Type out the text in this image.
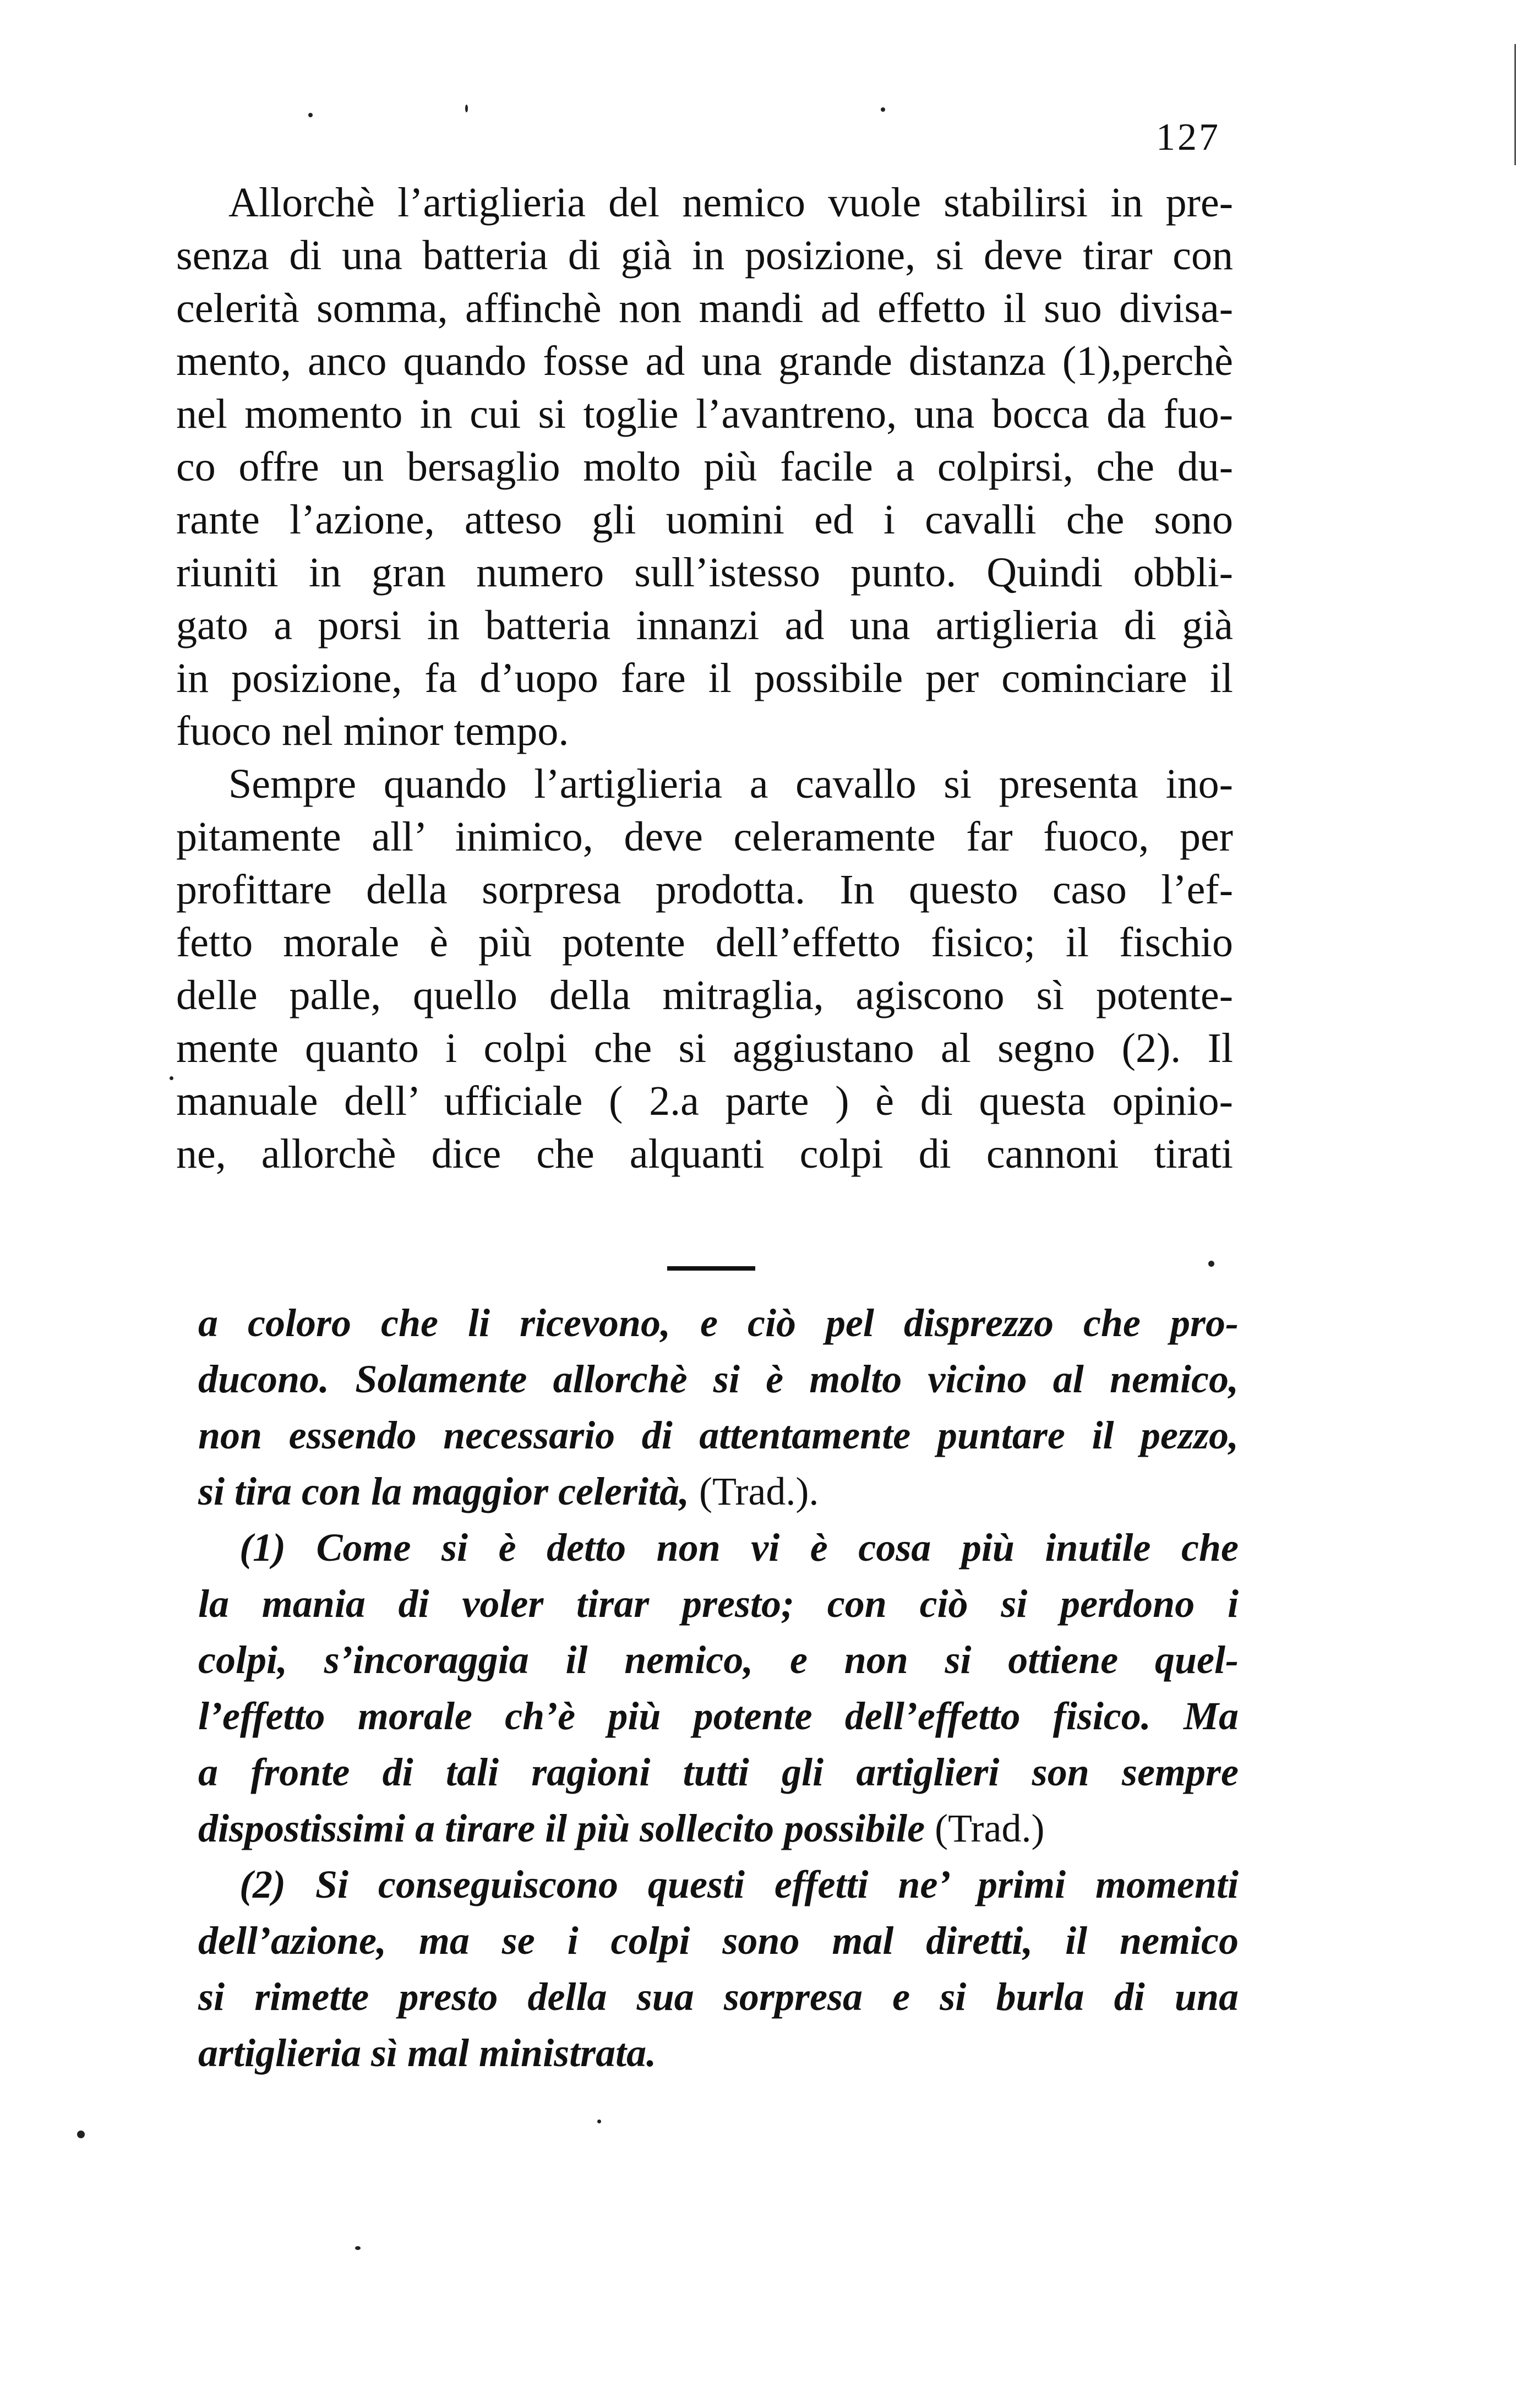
127
Allorchè l’artiglieria del nemico vuole stabilirsi in pre-
senza di una batteria di già in posizione, si deve tirar con
celerità somma, affinchè non mandi ad effetto il suo divisa-
mento, anco quando fosse ad una grande distanza (1),perchè
nel momento in cui si toglie l’avantreno, una bocca da fuo-
co offre un bersaglio molto più facile a colpirsi, che du-
rante l’azione, atteso gli uomini ed i cavalli che sono
riuniti in gran numero sull’istesso punto. Quindi obbli-
gato a porsi in batteria innanzi ad una artiglieria di già
in posizione, fa d’uopo fare il possibile per cominciare il
fuoco nel minor tempo.
Sempre quando l’artiglieria a cavallo si presenta ino-
pitamente all’ inimico, deve celeramente far fuoco, per
profittare della sorpresa prodotta. In questo caso l’ef-
fetto morale è più potente dell’effetto fisico; il fischio
delle palle, quello della mitraglia, agiscono sì potente-
mente quanto i colpi che si aggiustano al segno (2). Il
manuale dell’ ufficiale ( 2.a parte ) è di questa opinio-
ne, allorchè dice che alquanti colpi di cannoni tirati
a coloro che li ricevono, e ciò pel disprezzo che pro-
ducono. Solamente allorchè si è molto vicino al nemico,
non essendo necessario di attentamente puntare il pezzo,
si tira con la maggior celerità, (Trad.).
(1) Come si è detto non vi è cosa più inutile che
la mania di voler tirar presto; con ciò si perdono i
colpi, s’incoraggia il nemico, e non si ottiene quel-
l’effetto morale ch’è più potente dell’effetto fisico. Ma
a fronte di tali ragioni tutti gli artiglieri son sempre
dispostissimi a tirare il più sollecito possibile (Trad.)
(2) Si conseguiscono questi effetti ne’ primi momenti
dell’azione, ma se i colpi sono mal diretti, il nemico
si rimette presto della sua sorpresa e si burla di una
artiglieria sì mal ministrata.
